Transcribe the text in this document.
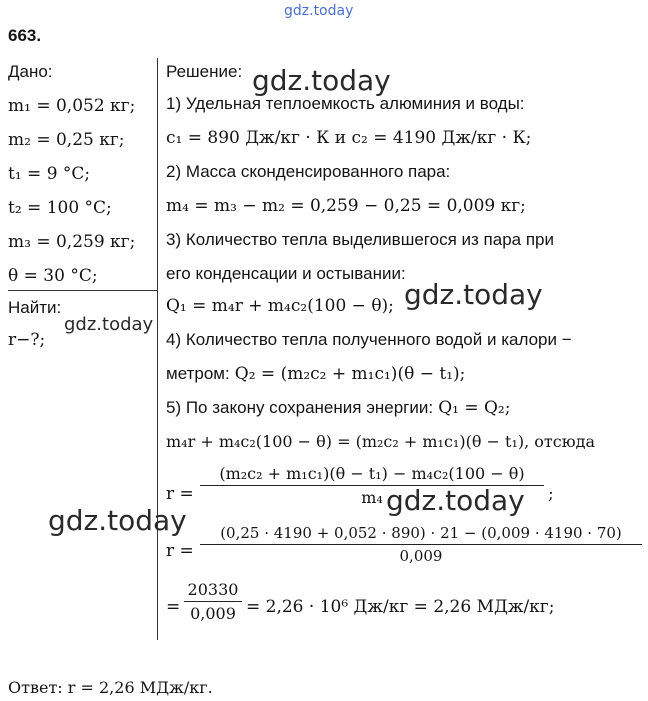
gdz.today
663.
Дано:
m₁ = 0,052 кг;
m₂ = 0,25 кг;
t₁ = 9 °C;
t₂ = 100 °C;
m₃ = 0,259 кг;
θ = 30 °C;
Найти:
r−?;
Решение:
1) Удельная теплоемкость алюминия и воды:
c₁ = 890 Дж/кг · К и c₂ = 4190 Дж/кг · К;
2) Масса сконденсированного пара:
m₄ = m₃ − m₂ = 0,259 − 0,25 = 0,009 кг;
3) Количество тепла выделившегося из пара при
его конденсации и остывании:
Q₁ = m₄r + m₄c₂(100 − θ);
4) Количество тепла полученного водой и калори −
метром: Q₂ = (m₂c₂ + m₁c₁)(θ − t₁);
5) По закону сохранения энергии: Q₁ = Q₂;
m₄r + m₄c₂(100 − θ) = (m₂c₂ + m₁c₁)(θ − t₁), отсюда
r =
(m₂c₂ + m₁c₁)(θ − t₁) − m₄c₂(100 − θ)
m₄	;
r =
(0,25 · 4190 + 0,052 · 890) · 21 − (0,009 · 4190 · 70)
0,009
=
20330
0,009 = 2,26 · 10⁶ Дж/кг = 2,26 МДж/кг;
Ответ: r = 2,26 МДж/кг.
gdz.today
gdz.today
gdz.today
gdz.today
gdz.today
